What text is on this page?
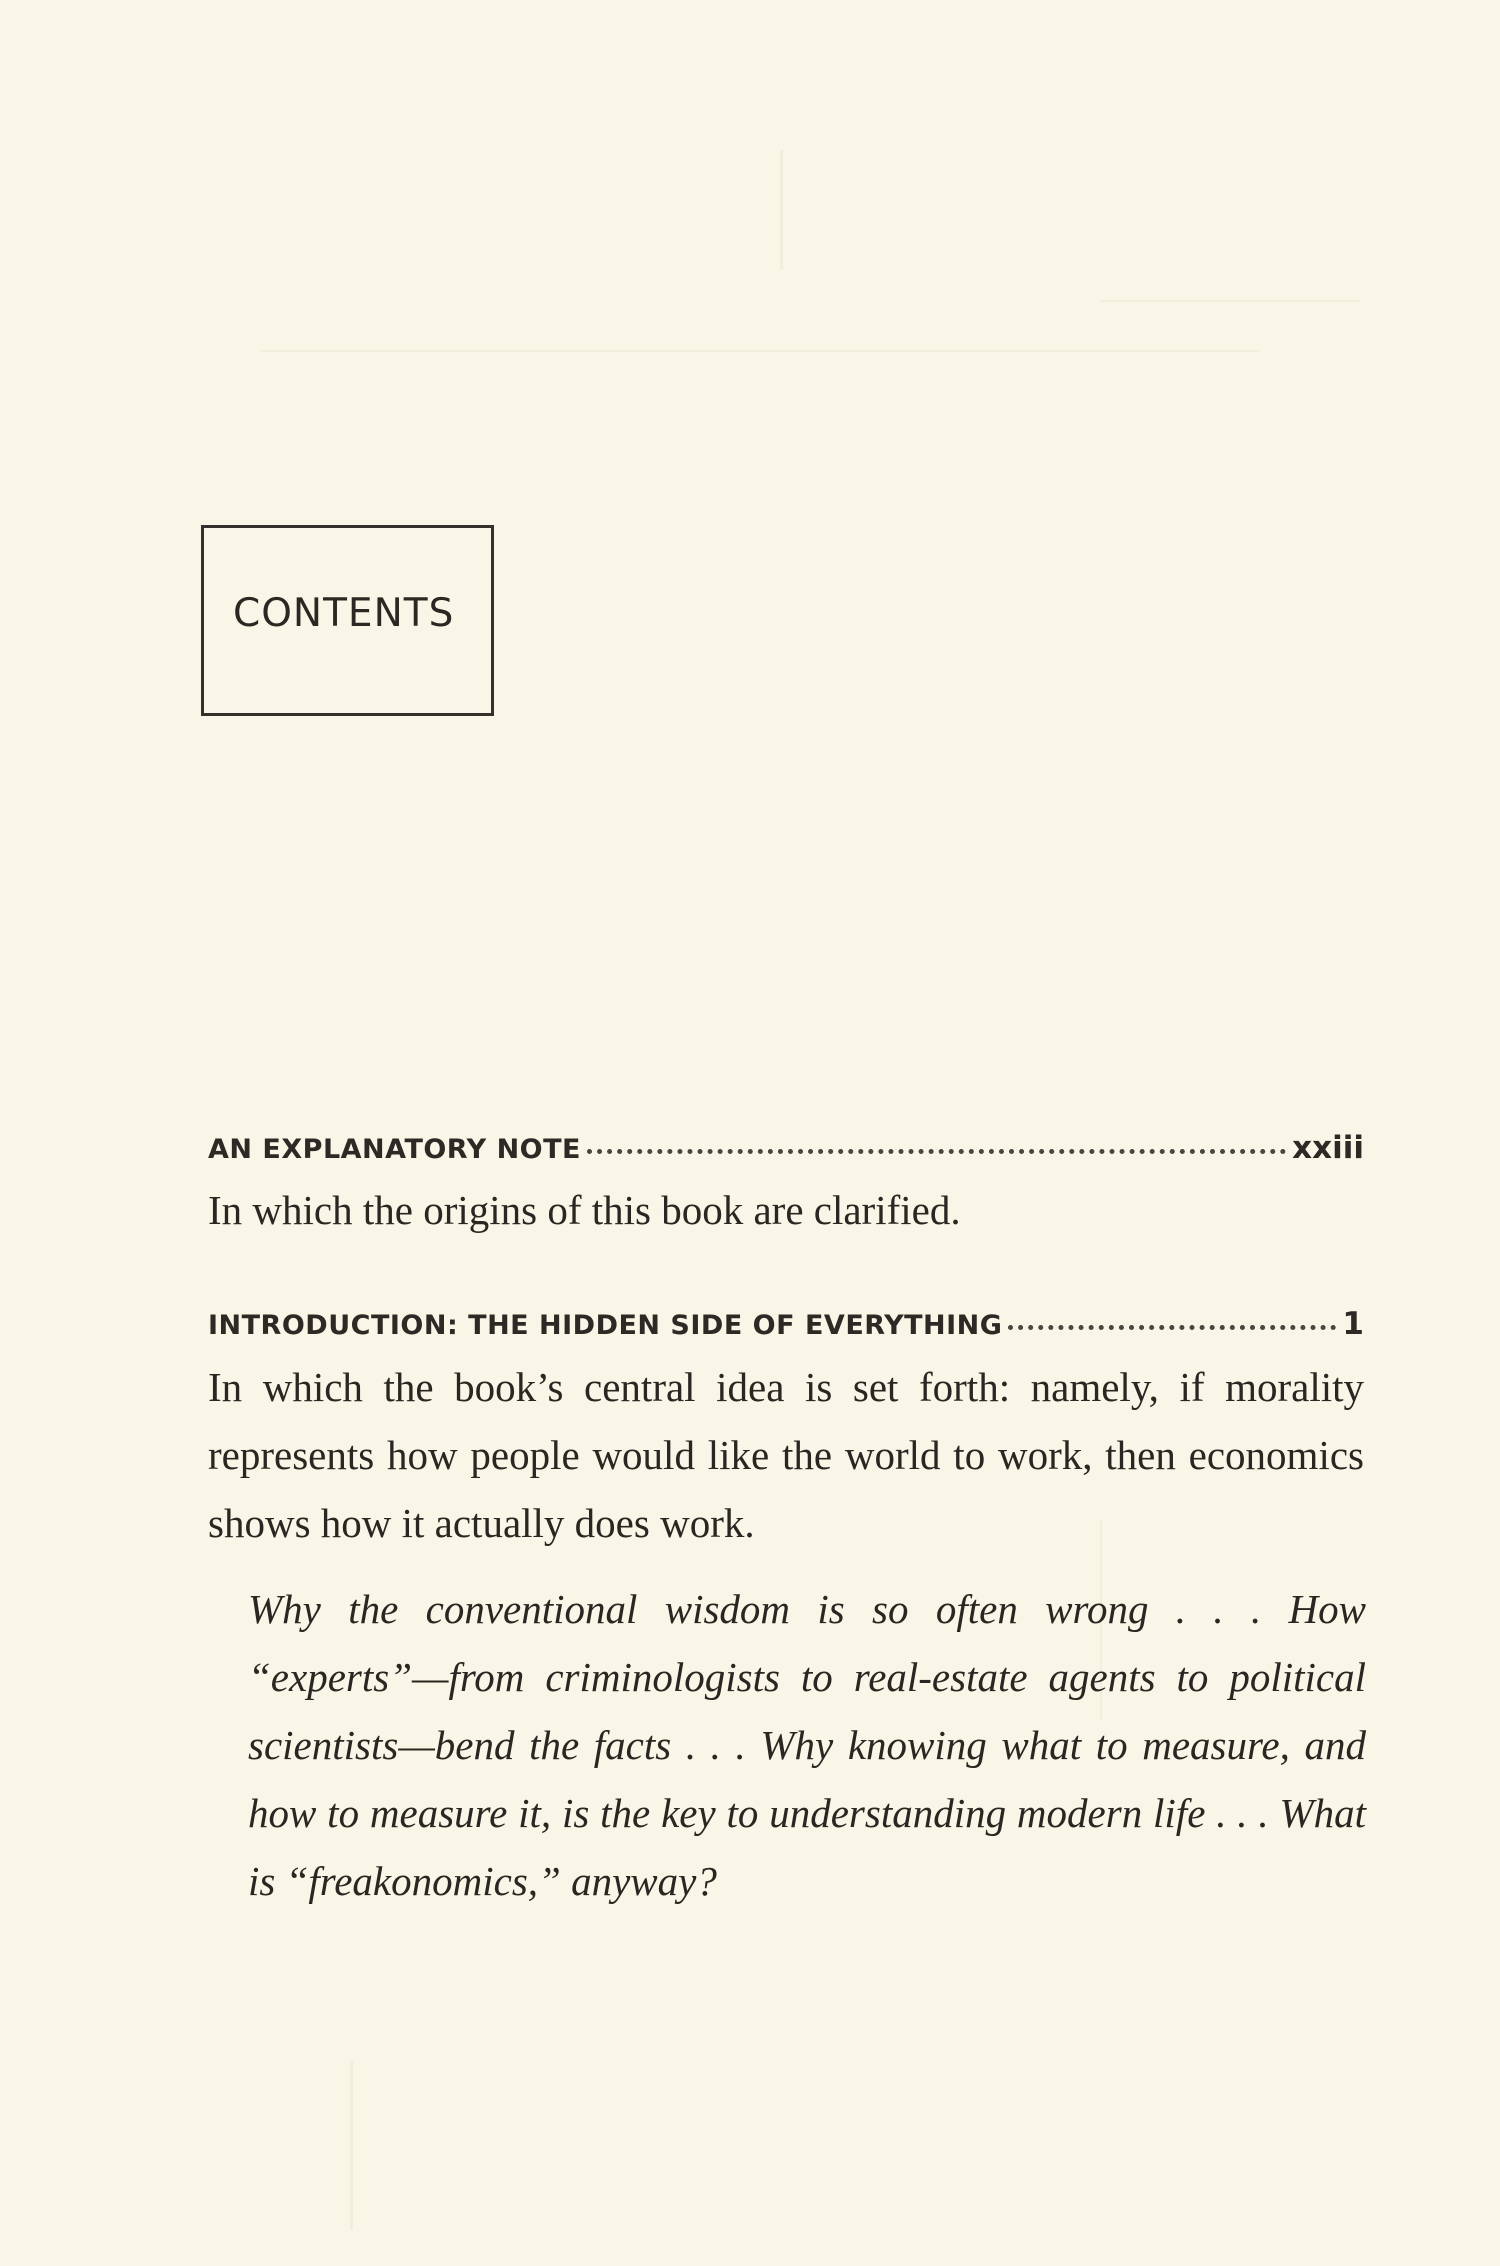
CONTENTS
AN EXPLANATORY NOTE	xxiii
In which the origins of this book are clarified.
INTRODUCTION: THE HIDDEN SIDE OF EVERYTHING	1
In which the book’s central idea is set forth: namely, if morality represents how people would like the world to work, then economics shows how it actually does work.
Why the conventional wisdom is so often wrong . . . How “experts”—from criminologists to real-estate agents to political scientists—bend the facts . . . Why knowing what to measure, and how to measure it, is the key to understanding modern life . . . What is “freakonomics,” anyway?
